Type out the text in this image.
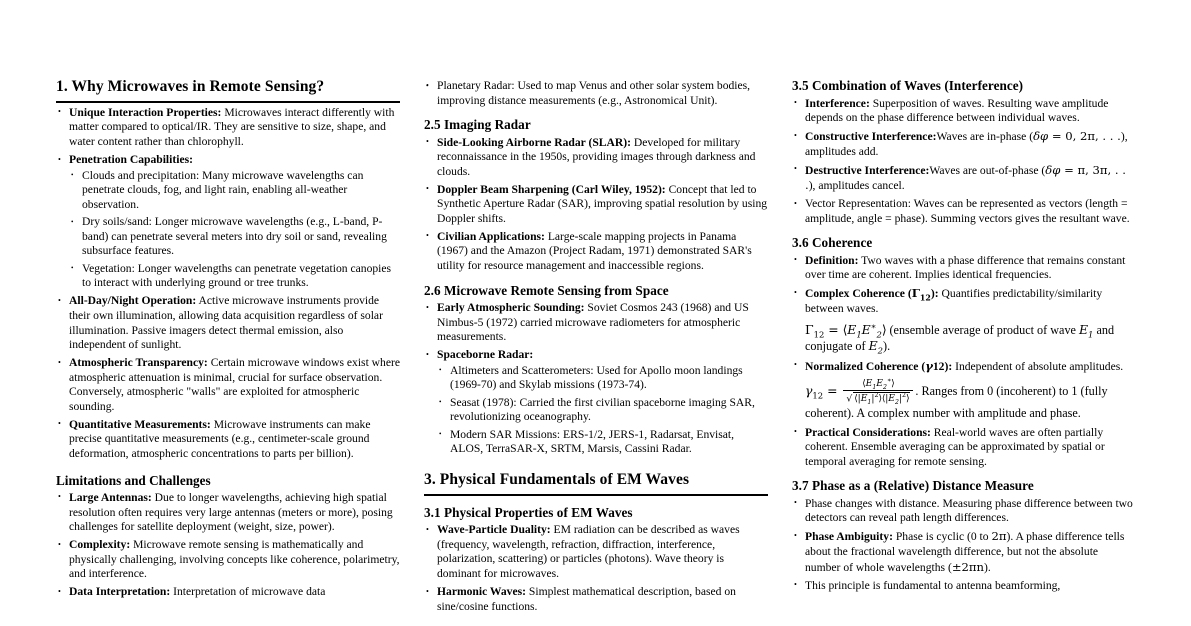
1. Why Microwaves in Remote Sensing?
• Unique Interaction Properties: Microwaves interact differently with matter compared to optical/IR. They are sensitive to size, shape, and water content rather than chlorophyll.
• Penetration Capabilities:
• Clouds and precipitation: Many microwave wavelengths can penetrate clouds, fog, and light rain, enabling all-weather observation.
• Dry soils/sand: Longer microwave wavelengths (e.g., L-band, P-band) can penetrate several meters into dry soil or sand, revealing subsurface features.
• Vegetation: Longer wavelengths can penetrate vegetation canopies to interact with underlying ground or tree trunks.
• All-Day/Night Operation: Active microwave instruments provide their own illumination, allowing data acquisition regardless of solar illumination. Passive imagers detect thermal emission, also independent of sunlight.
• Atmospheric Transparency: Certain microwave windows exist where atmospheric attenuation is minimal, crucial for surface observation. Conversely, atmospheric "walls" are exploited for atmospheric sounding.
• Quantitative Measurements: Microwave instruments can make precise quantitative measurements (e.g., centimeter-scale ground deformation, atmospheric concentrations to parts per billion).
Limitations and Challenges
• Large Antennas: Due to longer wavelengths, achieving high spatial resolution often requires very large antennas (meters or more), posing challenges for satellite deployment (weight, size, power).
• Complexity: Microwave remote sensing is mathematically and physically challenging, involving concepts like coherence, polarimetry, and interference.
• Data Interpretation: Interpretation of microwave data
• • Planetary Radar: Used to map Venus and other solar system bodies, improving distance measurements (e.g., Astronomical Unit).
2.5 Imaging Radar
• Side-Looking Airborne Radar (SLAR): Developed for military reconnaissance in the 1950s, providing images through darkness and clouds.
• Doppler Beam Sharpening (Carl Wiley, 1952): Concept that led to Synthetic Aperture Radar (SAR), improving spatial resolution by using Doppler shifts.
• Civilian Applications: Large-scale mapping projects in Panama (1967) and the Amazon (Project Radam, 1971) demonstrated SAR's utility for resource management and inaccessible regions.
2.6 Microwave Remote Sensing from Space
• Early Atmospheric Sounding: Soviet Cosmos 243 (1968) and US Nimbus-5 (1972) carried microwave radiometers for atmospheric measurements.
• Spaceborne Radar:
• Altimeters and Scatterometers: Used for Apollo moon landings (1969-70) and Skylab missions (1973-74).
• Seasat (1978): Carried the first civilian spaceborne imaging SAR, revolutionizing oceanography.
• Modern SAR Missions: ERS-1/2, JERS-1, Radarsat, Envisat, ALOS, TerraSAR-X, SRTM, Marsis, Cassini Radar.
3. Physical Fundamentals of EM Waves
3.1 Physical Properties of EM Waves
• Wave-Particle Duality: EM radiation can be described as waves (frequency, wavelength, refraction, diffraction, interference, polarization, scattering) or particles (photons). Wave theory is dominant for microwaves.
• Harmonic Waves: Simplest mathematical description, based on sine/cosine functions.
3.5 Combination of Waves (Interference)
• Interference: Superposition of waves. Resulting wave amplitude depends on the phase difference between individual waves.
• Constructive Interference:Waves are in-phase (δφ = 0, 2π, . . .), amplitudes add.
• Destructive Interference:Waves are out-of-phase (δφ = π, 3π, . . .), amplitudes cancel.
• Vector Representation: Waves can be represented as vectors (length = amplitude, angle = phase). Summing vectors gives the resultant wave.
3.6 Coherence
• Definition: Two waves with a phase difference that remains constant over time are coherent. Implies identical frequencies.
• Complex Coherence $(\Gamma_{12})$: Quantifies predictability/similarity between waves.
$\Gamma_{12}$ = $⟨E_1E^∗_2⟩$ (ensemble average of product of wave $E_1$ and conjugate of $E_2$).
• Normalized Coherence (γ12): Independent of absolute amplitudes.
$\gamma_{12} = \frac{⟨E_1E_2^∗⟩}{√ ⟨|E_1|^2⟩⟨|E_2|^2⟩}$ . Ranges from 0 (incoherent) to 1 (fully coherent). A complex number with amplitude and phase.
• Practical Considerations: Real-world waves are often partially coherent. Ensemble averaging can be approximated by spatial or temporal averaging for remote sensing.
3.7 Phase as a (Relative) Distance Measure
• Phase changes with distance. Measuring phase difference between two detectors can reveal path length differences.
• Phase Ambiguity: Phase is cyclic (0 to 2π). A phase difference tells about the fractional wavelength difference, but not the absolute number of whole wavelengths (±2πn).
• This principle is fundamental to antenna beamforming,
